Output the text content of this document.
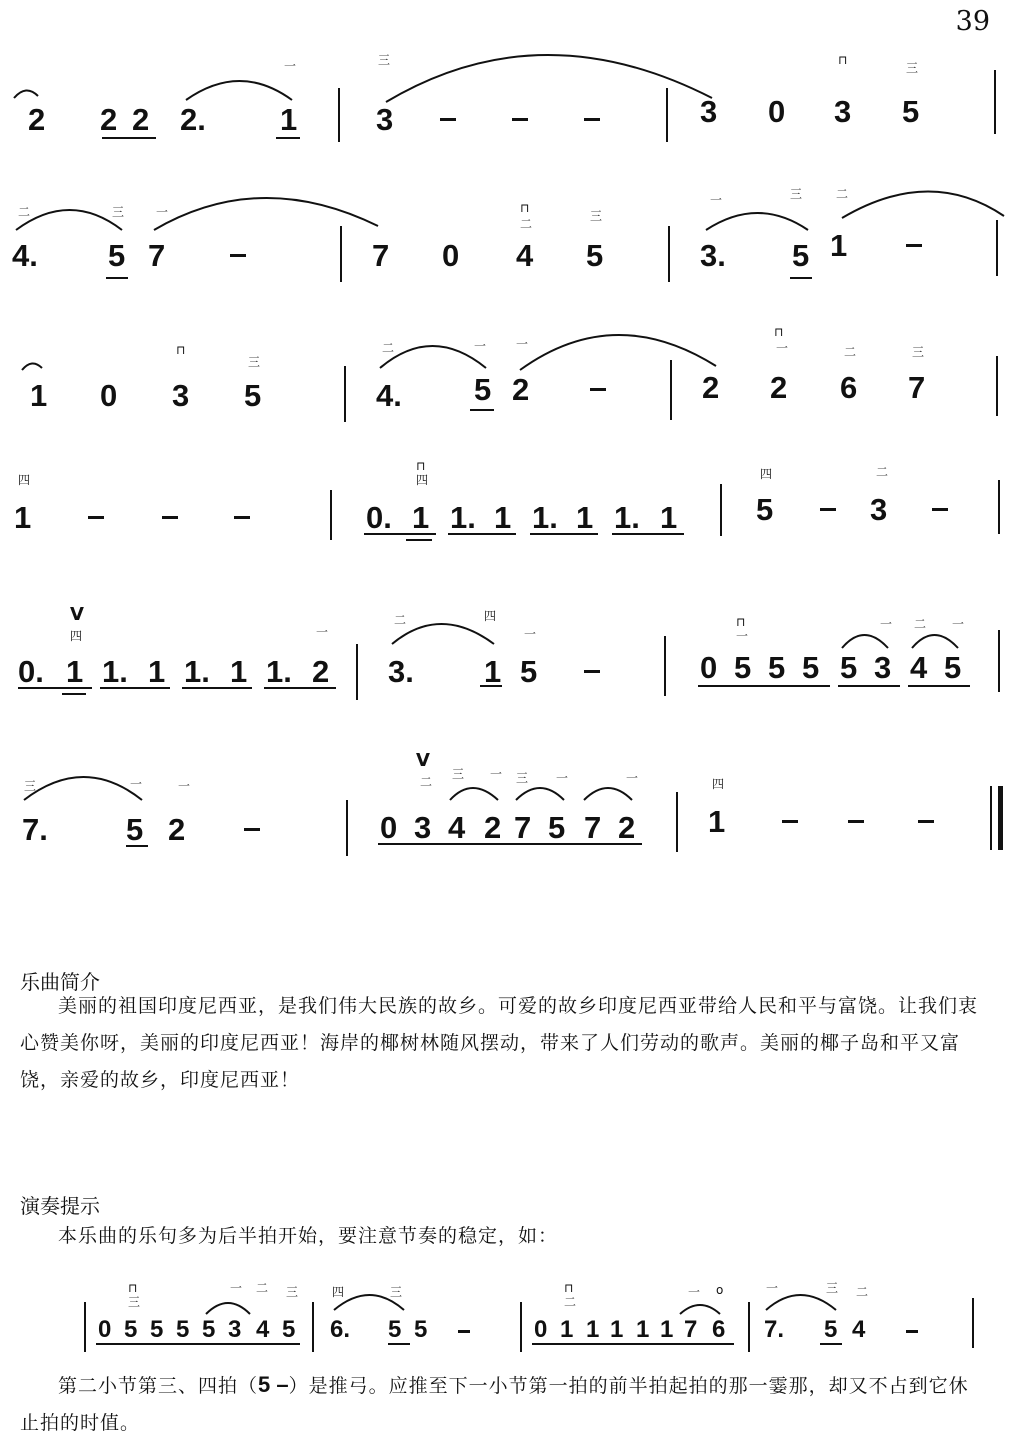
39
2 2 2 2. 1
一	三
3	3 0
⊓
3
三
5
二
4.
三
5
一
7	7 0
⊓
二
4
三
5
一
3.
三
5
二
1
1 0
⊓
3
三
5
二
4.
一
5
一
2	2
⊓
一
2
二
6
三
7
四
1
⊓
四
0. 1 1. 1 1. 1 1. 1
四
5
二
3
V
四
0. 1 1. 1 1. 1 1.
一
2
二
3.
四
1
一
5
⊓
一
0 5 5 5 5
一
3
二
4
一
5
三
7.
一
5
一
2
V
二
0 3
三
4
一
2
三
7
一
5 7
一
2
四
1
乐曲简介
美丽的祖国印度尼西亚，是我们伟大民族的故乡。可爱的故乡印度尼西亚带给人民和平与富饶。让我们衷心赞美你呀，美丽的印度尼西亚！海岸的椰树林随风摆动，带来了人们劳动的歌声。美丽的椰子岛和平又富饶，亲爱的故乡，印度尼西亚！
演奏提示
本乐曲的乐句多为后半拍开始，要注意节奏的稳定，如：
⊓
三
0 5 5 5 5
一
3
二
4
三
5
四
6.
三
5 5
⊓
二
0 1 1 1 1 1
一
7
o
6
一
7.
三
5
二
4
第二小节第三、四拍（5 –）是推弓。应推至下一小节第一拍的前半拍起拍的那一霎那，却又不占到它休止拍的时值。
